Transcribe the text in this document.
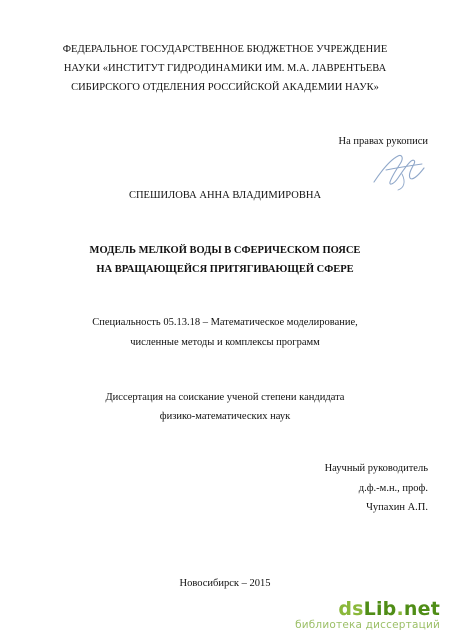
ФЕДЕРАЛЬНОЕ ГОСУДАРСТВЕННОЕ БЮДЖЕТНОЕ УЧРЕЖДЕНИЕ
НАУКИ «ИНСТИТУТ ГИДРОДИНАМИКИ ИМ. М.А. ЛАВРЕНТЬЕВА
СИБИРСКОГО ОТДЕЛЕНИЯ РОССИЙСКОЙ АКАДЕМИИ НАУК»
На правах рукописи
СПЕШИЛОВА АННА ВЛАДИМИРОВНА
МОДЕЛЬ МЕЛКОЙ ВОДЫ В СФЕРИЧЕСКОМ ПОЯСЕ
НА ВРАЩАЮЩЕЙСЯ ПРИТЯГИВАЮЩЕЙ СФЕРЕ
Специальность 05.13.18 – Математическое моделирование,
численные методы и комплексы программ
Диссертация на соискание ученой степени кандидата
физико-математических наук
Научный руководитель
д.ф.-м.н., проф.
Чупахин А.П.
Новосибирск – 2015
dsLib.net
библиотека диссертаций
